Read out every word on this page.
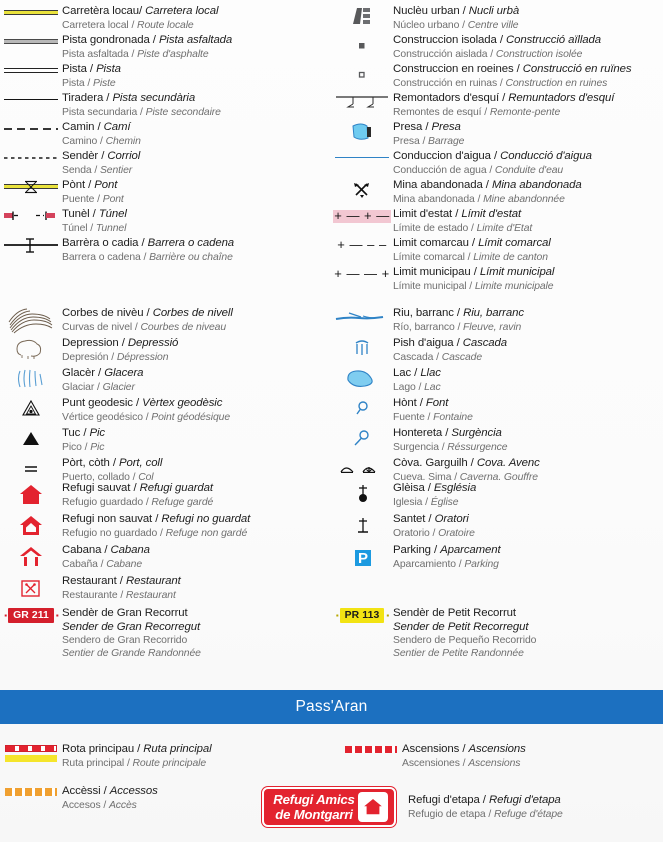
Carretèra locau/ Carretera local
Carretera local / Route locale
Pista gondronada / Pista asfaltada
Pista asfaltada / Piste d'asphalte
Pista / Pista
Pista / Piste
Tiradera / Pista secundària
Pista secundaria / Piste secondaire
Camin / Camí
Camino / Chemin
Sendèr / Corriol
Senda / Sentier
Pònt / Pont
Puente / Pont
Tunèl / Túnel
Túnel / Tunnel
Barrèra o cadia / Barrera o cadena
Barrera o cadena / Barrière ou chaîne
Nuclèu urban / Nucli urbà
Núcleo urbano / Centre ville
Construccion isolada / Construcció aïllada
Construcción aislada / Construction isolée
Construccion en roeines / Construcció en ruïnes
Construcción en ruinas / Construction en ruines
Remontadors d'esquí / Remuntadors d'esquí
Remontes de esquí / Remonte-pente
Presa / Presa
Presa / Barrage
Conduccion d'aigua / Conducció d'aigua
Conducción de agua / Conduite d'eau
Mina abandonada / Mina abandonada
Mina abandonada / Mine abandonnée
+ — + — Limit d'estat / Límit d'estat
Límite de estado / Limite d'Etat
+ — – – Limit comarcau / Límit comarcal
Límite comarcal / Limite de canton
+ — — + Limit municipau / Límit municipal
Límite municipal / Limite municipale
Corbes de nivèu / Corbes de nivell
Curvas de nivel / Courbes de niveau
Depression / Depressió
Depresión / Dépression
Glacèr / Glacera
Glaciar / Glacier
Punt geodesic / Vèrtex geodèsic
Vértice geodésico / Point géodésique
Tuc / Pic
Pico / Pic
Pòrt, còth / Port, coll
Puerto, collado / Col
Riu, barranc / Riu, barranc
Río, barranco / Fleuve, ravin
Pish d'aigua / Cascada
Cascada / Cascade
Lac / Llac
Lago / Lac
Hònt / Font
Fuente / Fontaine
Hontereta / Surgència
Surgencia / Réssurgence
Còva. Garguilh / Cova. Avenc
Cueva. Sima / Caverna. Gouffre
Refugi sauvat / Refugi guardat
Refugio guardado / Refuge gardé
Refugi non sauvat / Refugi no guardat
Refugio no guardado / Refuge non gardé
Cabana / Cabana
Cabaña / Cabane
Restaurant / Restaurant
Restaurante / Restaurant
Glèisa / Església
Iglesia / Église
Santet / Oratori
Oratorio / Oratoire
P Parking / Aparcament
Aparcamiento / Parking
▪ GR 211 ▪ Sendèr de Gran Recorrut
Sender de Gran Recorregut
Sendero de Gran Recorrido
Sentier de Grande Randonnée
▪ PR 113 ▪ Sendèr de Petit Recorrut
Sender de Petit Recorregut
Sendero de Pequeño Recorrido
Sentier de Petite Randonnée
Pass'Aran
Rota principau / Ruta principal
Ruta principal / Route principale
Accèssi / Accessos
Accesos / Accès
Ascensions / Ascensions
Ascensiones / Ascensions
Refugi d'etapa / Refugi d'etapa
Refugio de etapa / Refuge d'étape
Refugi Amics
de Montgarri
